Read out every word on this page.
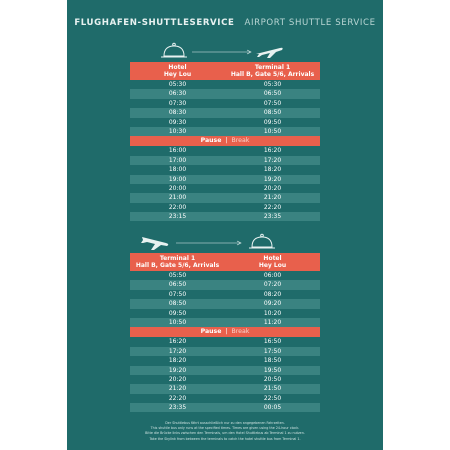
FLUGHAFEN-SHUTTLESERVICE AIRPORT SHUTTLE SERVICE
Hotel
Hey Lou
Terminal 1
Hall B, Gate 5/6, Arrivals
05:30	05:30
06:30	06:50
07:30	07:50
08:30	08:50
09:30	09:50
10:30	10:50
Pause | Break
16:00	16:20
17:00	17:20
18:00	18:20
19:00	19:20
20:00	20:20
21:00	21:20
22:00	22:20
23:15	23:35
Terminal 1
Hall B, Gate 5/6, Arrivals
Hotel
Hey Lou
05:50	06:00
06:50	07:20
07:50	08:20
08:50	09:20
09:50	10:20
10:50	11:20
Pause | Break
16:20	16:50
17:20	17:50
18:20	18:50
19:20	19:50
20:20	20:50
21:20	21:50
22:20	22:50
23:35	00:05
Der Shuttlebus fährt ausschließlich nur zu den angegebenen Fahrzeiten.
This shuttle bus only runs at the specified times. Times are given using the 24-hour clock.
Bitte die Brücke links zwischen den Terminals, um den Hotel Shuttlebus ab Terminal 1 zu nutzen.
Take the Skylink from between the terminals to catch the hotel shuttle bus from Terminal 1.
